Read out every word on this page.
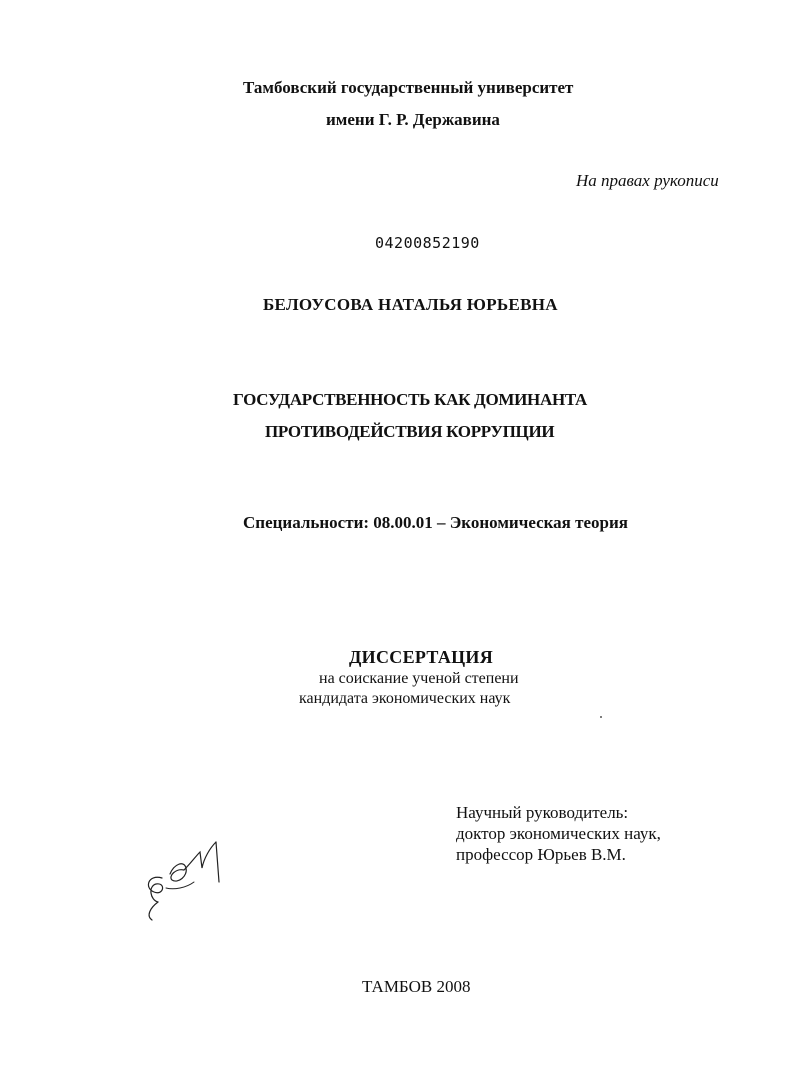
Тамбовский государственный университет
имени Г. Р. Державина
На правах рукописи
04200852190
БЕЛОУСОВА НАТАЛЬЯ ЮРЬЕВНА
ГОСУДАРСТВЕННОСТЬ КАК ДОМИНАНТА
ПРОТИВОДЕЙСТВИЯ КОРРУПЦИИ
Специальности: 08.00.01 – Экономическая теория
ДИССЕРТАЦИЯ
на соискание ученой степени
кандидата экономических наук
Научный руководитель:
доктор экономических наук,
профессор Юрьев В.М.
ТАМБОВ 2008
